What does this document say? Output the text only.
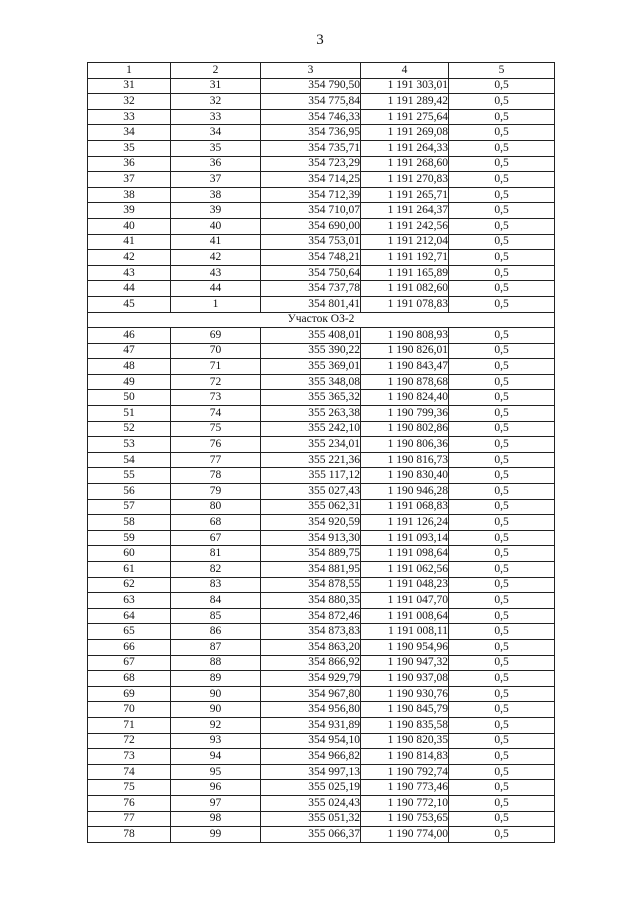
3
1	2	3	4	5
31	31	354 790,50	1 191 303,01	0,5
32	32	354 775,84	1 191 289,42	0,5
33	33	354 746,33	1 191 275,64	0,5
34	34	354 736,95	1 191 269,08	0,5
35	35	354 735,71	1 191 264,33	0,5
36	36	354 723,29	1 191 268,60	0,5
37	37	354 714,25	1 191 270,83	0,5
38	38	354 712,39	1 191 265,71	0,5
39	39	354 710,07	1 191 264,37	0,5
40	40	354 690,00	1 191 242,56	0,5
41	41	354 753,01	1 191 212,04	0,5
42	42	354 748,21	1 191 192,71	0,5
43	43	354 750,64	1 191 165,89	0,5
44	44	354 737,78	1 191 082,60	0,5
45	1	354 801,41	1 191 078,83	0,5
Участок ОЗ-2				
46	69	355 408,01	1 190 808,93	0,5
47	70	355 390,22	1 190 826,01	0,5
48	71	355 369,01	1 190 843,47	0,5
49	72	355 348,08	1 190 878,68	0,5
50	73	355 365,32	1 190 824,40	0,5
51	74	355 263,38	1 190 799,36	0,5
52	75	355 242,10	1 190 802,86	0,5
53	76	355 234,01	1 190 806,36	0,5
54	77	355 221,36	1 190 816,73	0,5
55	78	355 117,12	1 190 830,40	0,5
56	79	355 027,43	1 190 946,28	0,5
57	80	355 062,31	1 191 068,83	0,5
58	68	354 920,59	1 191 126,24	0,5
59	67	354 913,30	1 191 093,14	0,5
60	81	354 889,75	1 191 098,64	0,5
61	82	354 881,95	1 191 062,56	0,5
62	83	354 878,55	1 191 048,23	0,5
63	84	354 880,35	1 191 047,70	0,5
64	85	354 872,46	1 191 008,64	0,5
65	86	354 873,83	1 191 008,11	0,5
66	87	354 863,20	1 190 954,96	0,5
67	88	354 866,92	1 190 947,32	0,5
68	89	354 929,79	1 190 937,08	0,5
69	90	354 967,80	1 190 930,76	0,5
70	90	354 956,80	1 190 845,79	0,5
71	92	354 931,89	1 190 835,58	0,5
72	93	354 954,10	1 190 820,35	0,5
73	94	354 966,82	1 190 814,83	0,5
74	95	354 997,13	1 190 792,74	0,5
75	96	355 025,19	1 190 773,46	0,5
76	97	355 024,43	1 190 772,10	0,5
77	98	355 051,32	1 190 753,65	0,5
78	99	355 066,37	1 190 774,00	0,5
